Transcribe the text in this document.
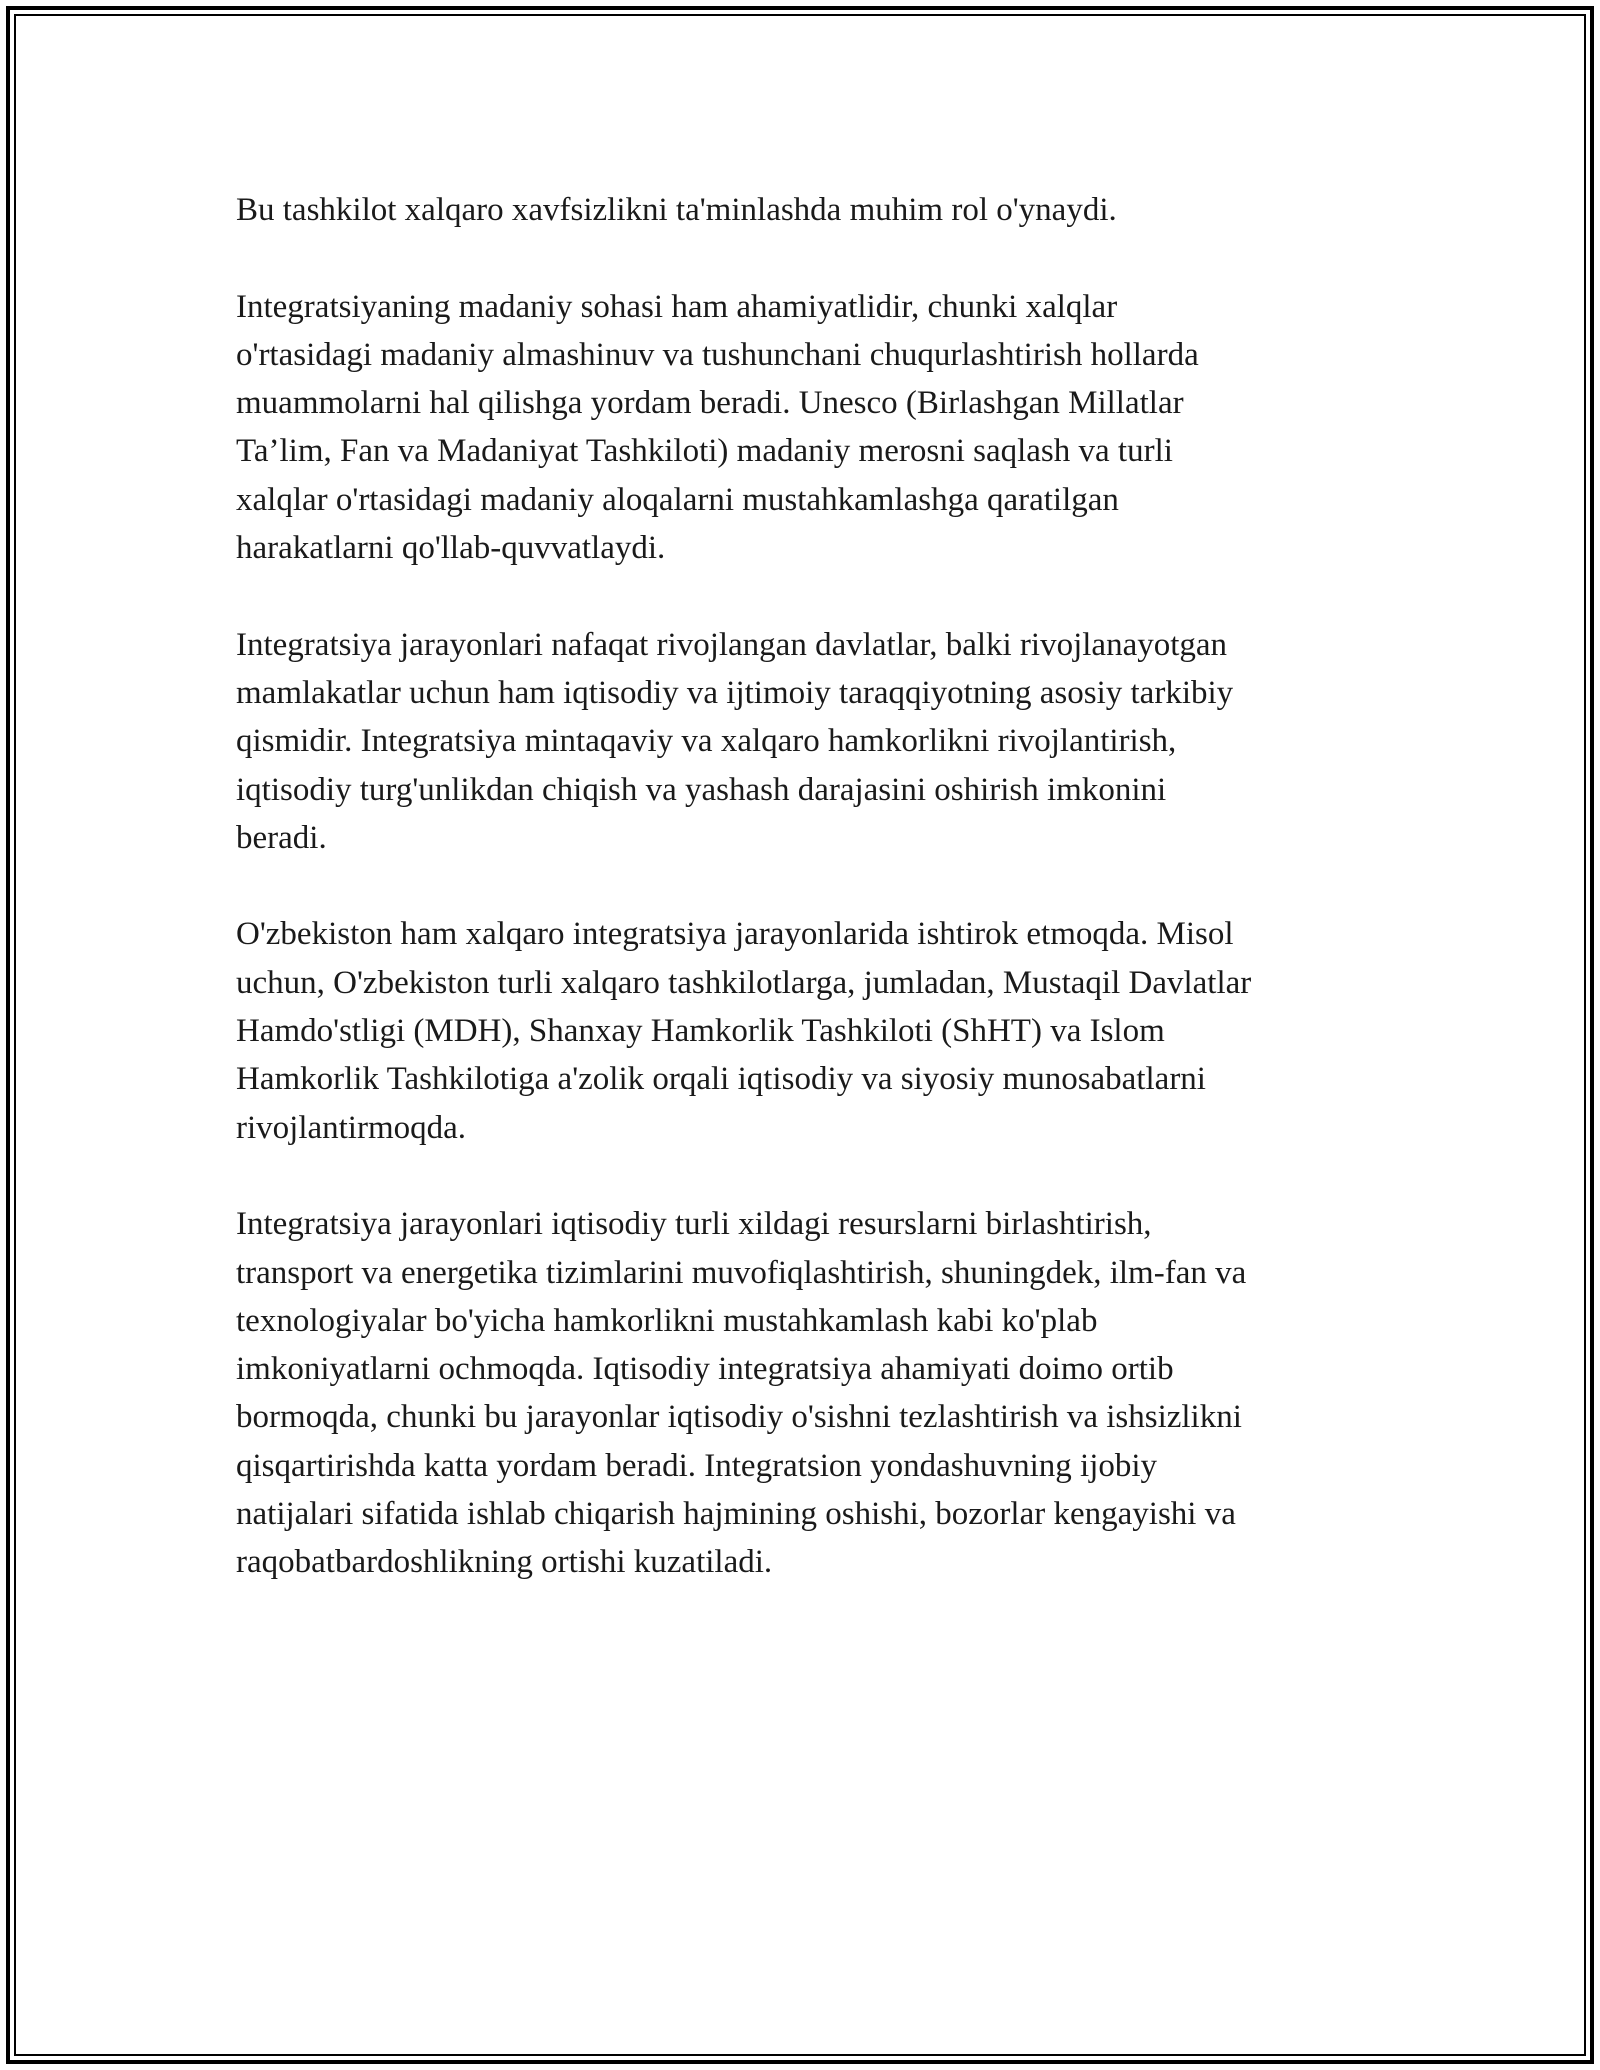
Bu tashkilot xalqaro xavfsizlikni ta'minlashda muhim rol o'ynaydi.

Integratsiyaning madaniy sohasi ham ahamiyatlidir, chunki xalqlar
o'rtasidagi madaniy almashinuv va tushunchani chuqurlashtirish hollarda
muammolarni hal qilishga yordam beradi. Unesco (Birlashgan Millatlar
Ta’lim, Fan va Madaniyat Tashkiloti) madaniy merosni saqlash va turli
xalqlar o'rtasidagi madaniy aloqalarni mustahkamlashga qaratilgan
harakatlarni qo'llab-quvvatlaydi.

Integratsiya jarayonlari nafaqat rivojlangan davlatlar, balki rivojlanayotgan
mamlakatlar uchun ham iqtisodiy va ijtimoiy taraqqiyotning asosiy tarkibiy
qismidir. Integratsiya mintaqaviy va xalqaro hamkorlikni rivojlantirish,
iqtisodiy turg'unlikdan chiqish va yashash darajasini oshirish imkonini
beradi.

O'zbekiston ham xalqaro integratsiya jarayonlarida ishtirok etmoqda. Misol
uchun, O'zbekiston turli xalqaro tashkilotlarga, jumladan, Mustaqil Davlatlar
Hamdo'stligi (MDH), Shanxay Hamkorlik Tashkiloti (ShHT) va Islom
Hamkorlik Tashkilotiga a'zolik orqali iqtisodiy va siyosiy munosabatlarni
rivojlantirmoqda.

Integratsiya jarayonlari iqtisodiy turli xildagi resurslarni birlashtirish,
transport va energetika tizimlarini muvofiqlashtirish, shuningdek, ilm-fan va
texnologiyalar bo'yicha hamkorlikni mustahkamlash kabi ko'plab
imkoniyatlarni ochmoqda. Iqtisodiy integratsiya ahamiyati doimo ortib
bormoqda, chunki bu jarayonlar iqtisodiy o'sishni tezlashtirish va ishsizlikni
qisqartirishda katta yordam beradi. Integratsion yondashuvning ijobiy
natijalari sifatida ishlab chiqarish hajmining oshishi, bozorlar kengayishi va
raqobatbardoshlikning ortishi kuzatiladi.
